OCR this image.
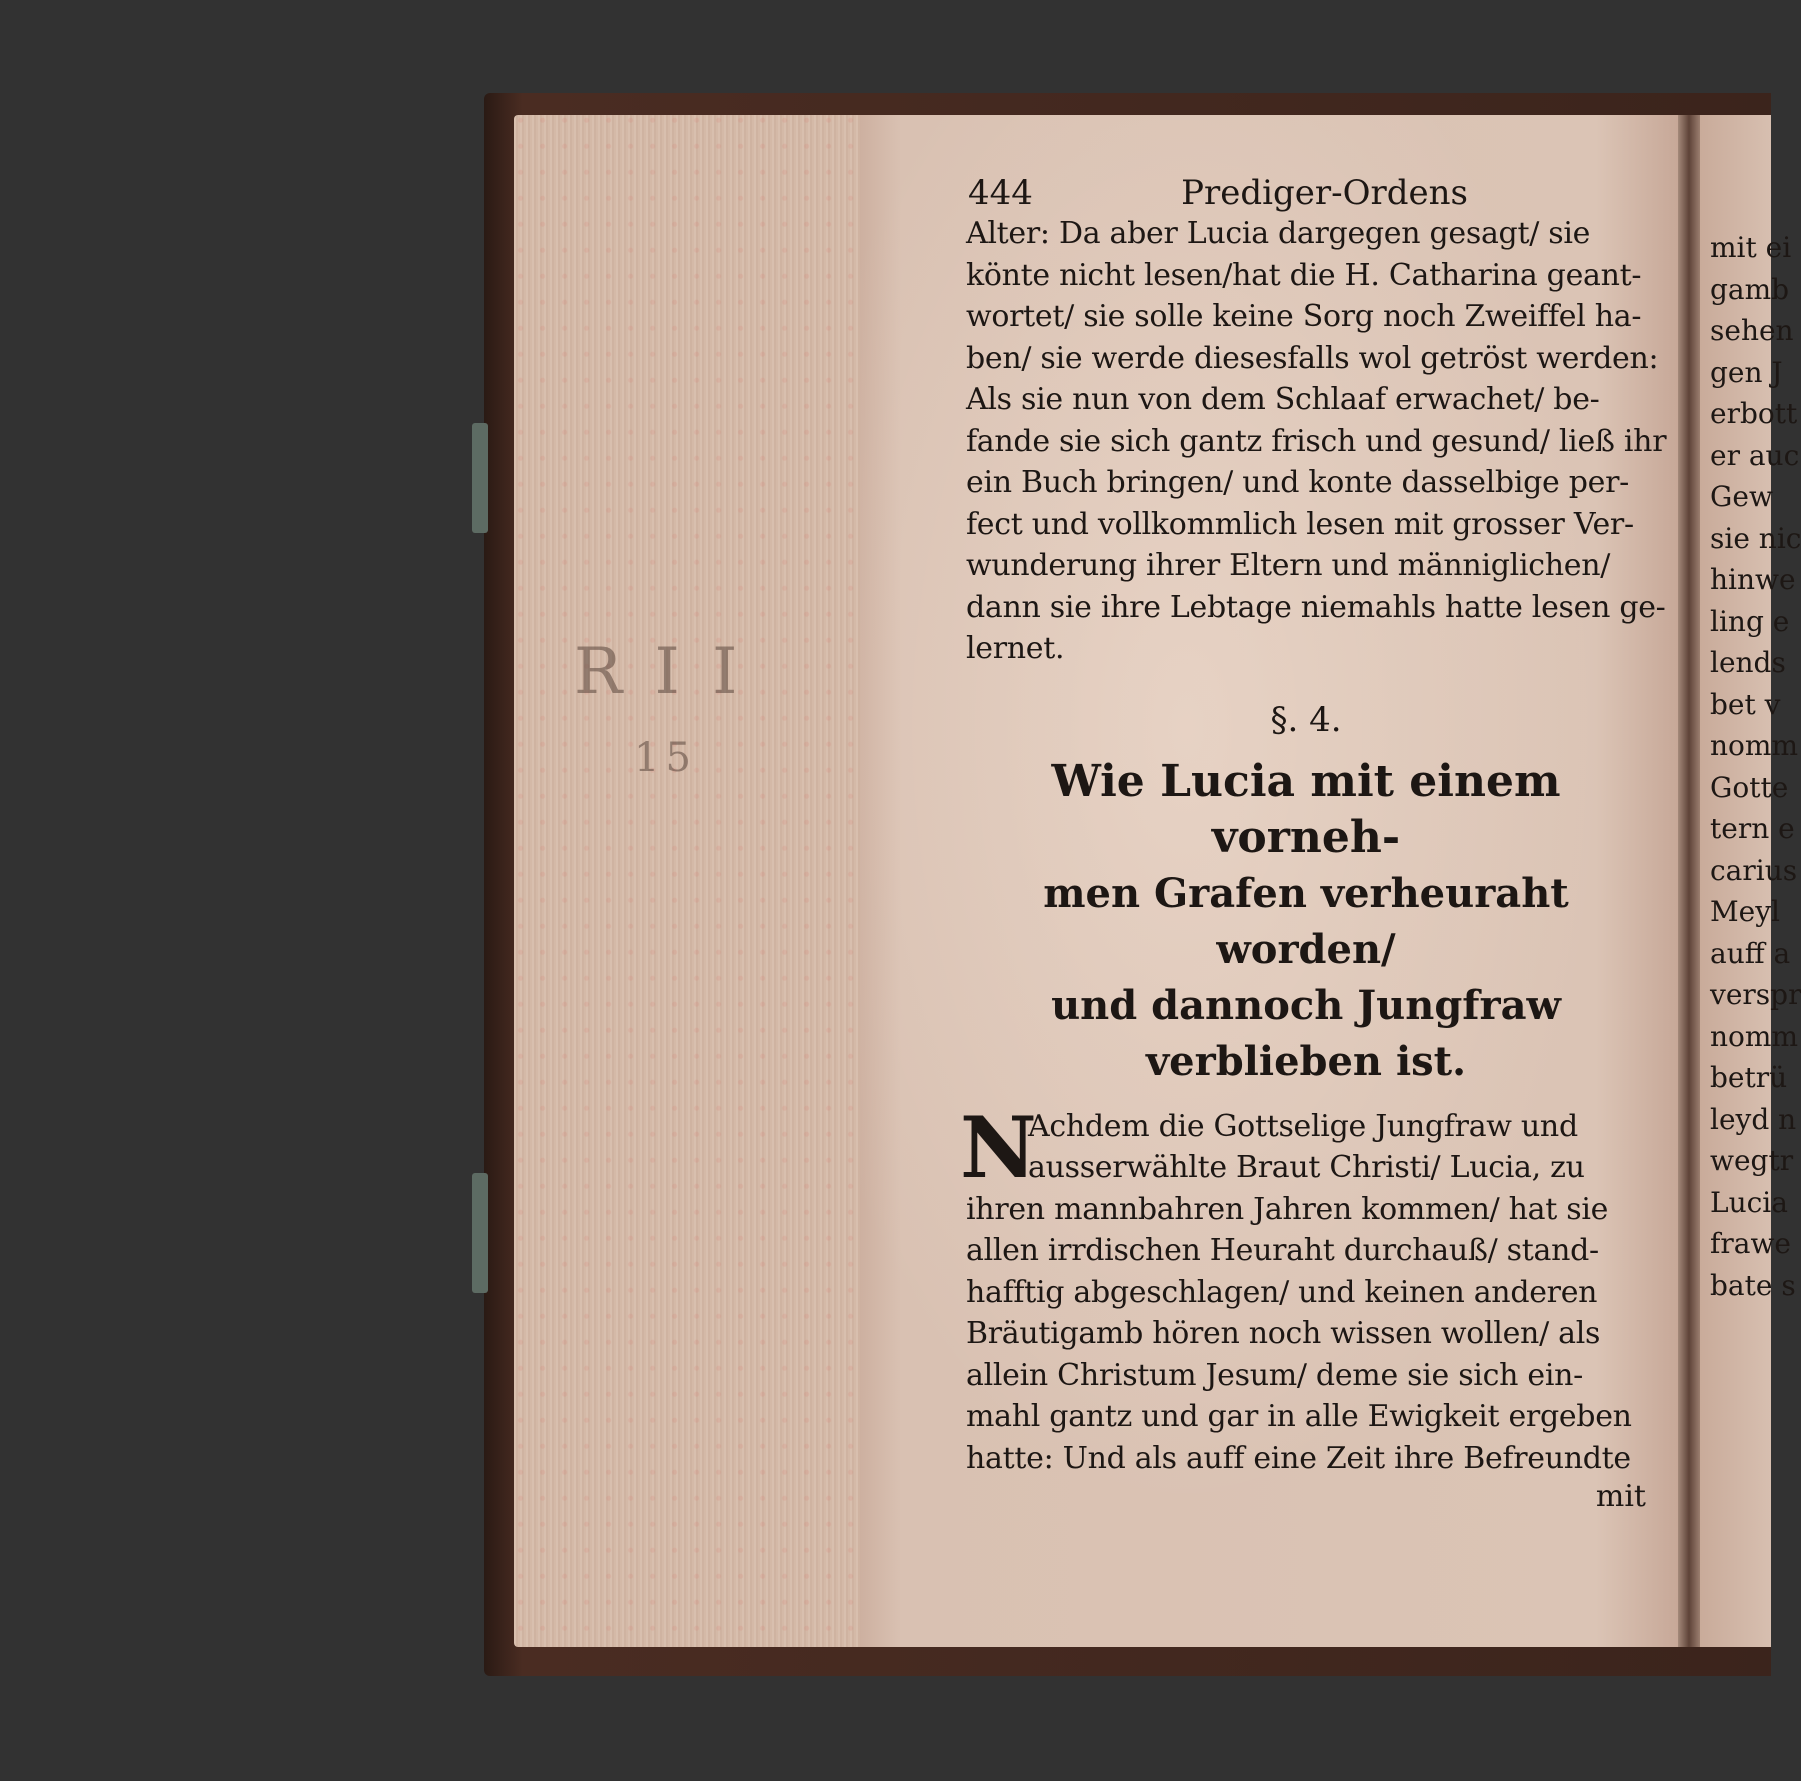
R I I
15
444	Prediger-Ordens
Alter: Da aber Lucia dargegen gesagt/ sie
könte nicht lesen/hat die H. Catharina geant-
wortet/ sie solle keine Sorg noch Zweiffel ha-
ben/ sie werde diesesfalls wol getröst werden:
Als sie nun von dem Schlaaf erwachet/ be-
fande sie sich gantz frisch und gesund/ ließ ihr
ein Buch bringen/ und konte dasselbige per-
fect und vollkommlich lesen mit grosser Ver-
wunderung ihrer Eltern und männiglichen/
dann sie ihre Lebtage niemahls hatte lesen ge-
lernet.
§. 4.
Wie Lucia mit einem vorneh-
men Grafen verheuraht worden/
und dannoch Jungfraw
verblieben ist.
N
Achdem die Gottselige Jungfraw und
ausserwählte Braut Christi/ Lucia, zu
ihren mannbahren Jahren kommen/ hat sie
allen irrdischen Heuraht durchauß/ stand-
hafftig abgeschlagen/ und keinen anderen
Bräutigamb hören noch wissen wollen/ als
allein Christum Jesum/ deme sie sich ein-
mahl gantz und gar in alle Ewigkeit ergeben
hatte: Und als auff eine Zeit ihre Befreundte
mit
mit ei
gamb
sehen
gen J
erbott
er auc
Gew
sie nic
hinwe
ling e
lends
bet v
nomm
Gotte
tern e
carius
Meyl
auff a
verspr
nomm
betrü
leyd n
wegtr
Lucia
frawe
bate s
